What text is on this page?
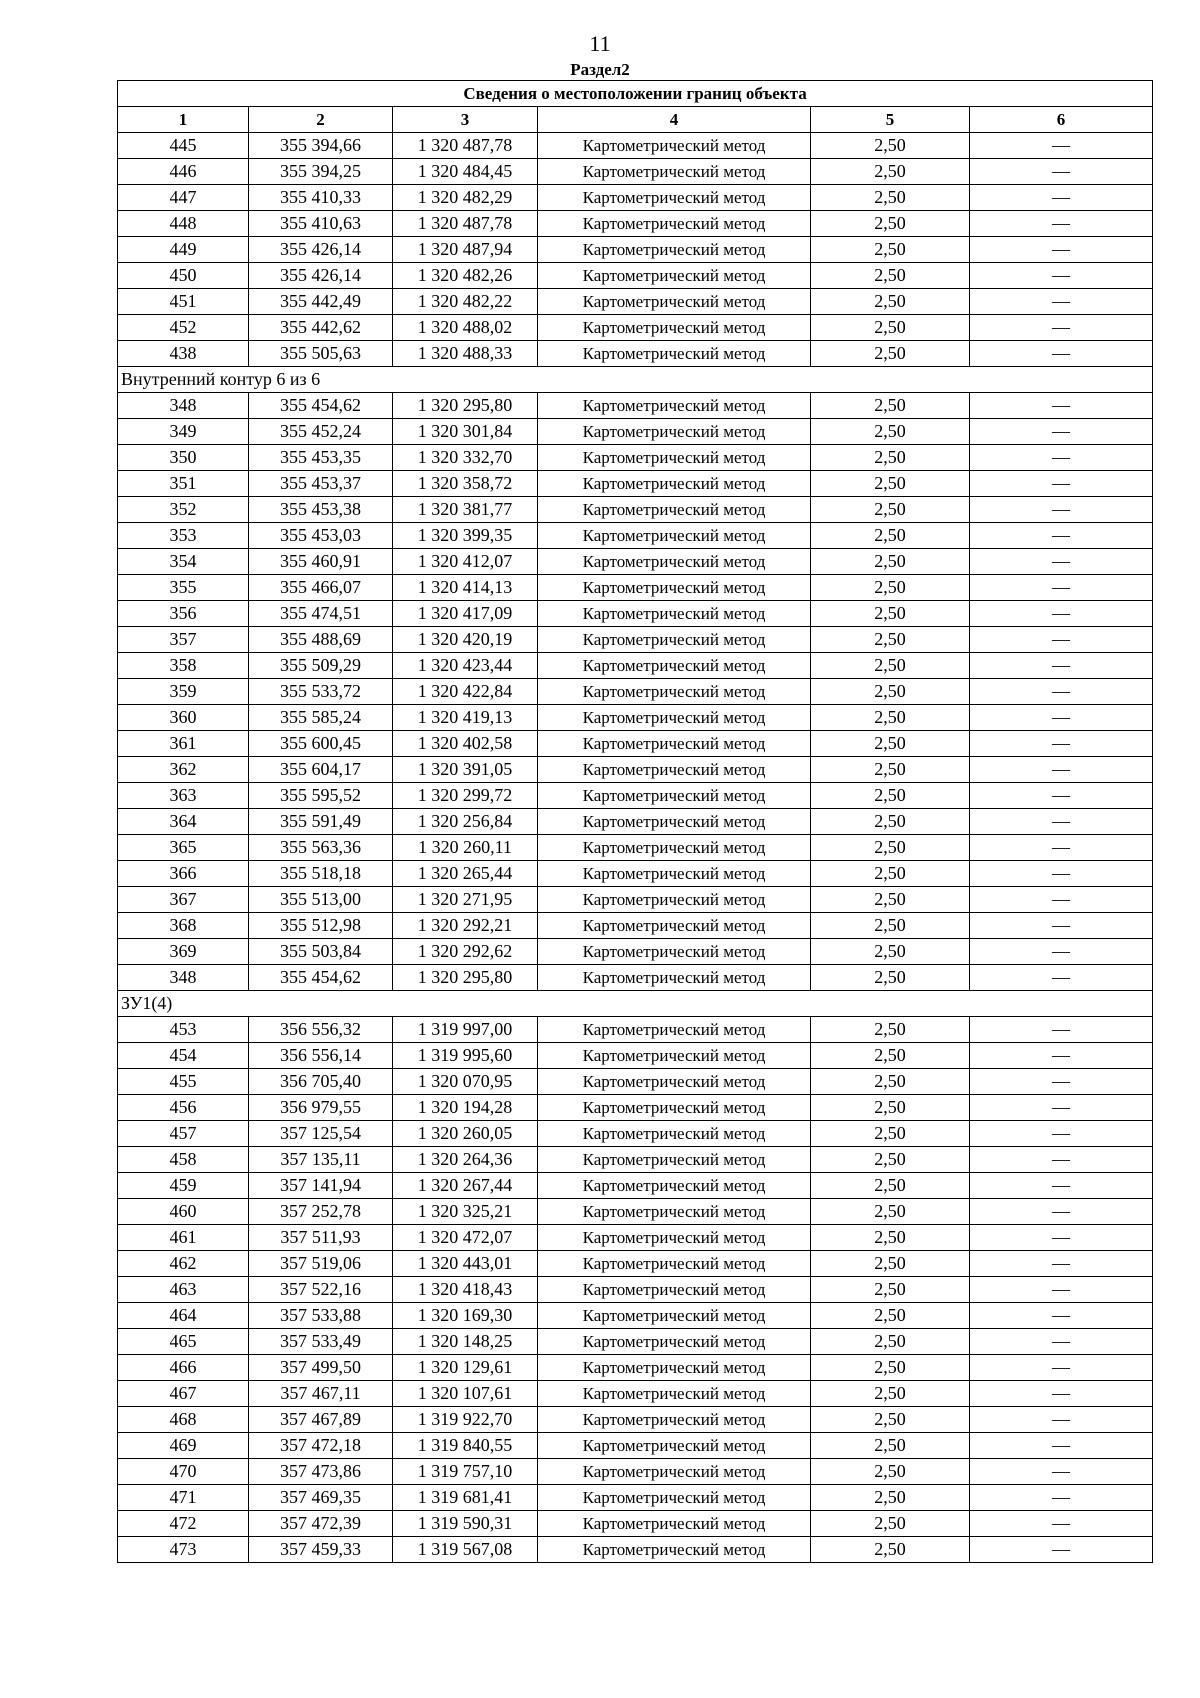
11
Раздел2
Сведения о местоположении границ объекта					
1	2	3	4	5	6
445	355 394,66	1 320 487,78	Картометрический метод	2,50	—
446	355 394,25	1 320 484,45	Картометрический метод	2,50	—
447	355 410,33	1 320 482,29	Картометрический метод	2,50	—
448	355 410,63	1 320 487,78	Картометрический метод	2,50	—
449	355 426,14	1 320 487,94	Картометрический метод	2,50	—
450	355 426,14	1 320 482,26	Картометрический метод	2,50	—
451	355 442,49	1 320 482,22	Картометрический метод	2,50	—
452	355 442,62	1 320 488,02	Картометрический метод	2,50	—
438	355 505,63	1 320 488,33	Картометрический метод	2,50	—
Внутренний контур 6 из 6					
348	355 454,62	1 320 295,80	Картометрический метод	2,50	—
349	355 452,24	1 320 301,84	Картометрический метод	2,50	—
350	355 453,35	1 320 332,70	Картометрический метод	2,50	—
351	355 453,37	1 320 358,72	Картометрический метод	2,50	—
352	355 453,38	1 320 381,77	Картометрический метод	2,50	—
353	355 453,03	1 320 399,35	Картометрический метод	2,50	—
354	355 460,91	1 320 412,07	Картометрический метод	2,50	—
355	355 466,07	1 320 414,13	Картометрический метод	2,50	—
356	355 474,51	1 320 417,09	Картометрический метод	2,50	—
357	355 488,69	1 320 420,19	Картометрический метод	2,50	—
358	355 509,29	1 320 423,44	Картометрический метод	2,50	—
359	355 533,72	1 320 422,84	Картометрический метод	2,50	—
360	355 585,24	1 320 419,13	Картометрический метод	2,50	—
361	355 600,45	1 320 402,58	Картометрический метод	2,50	—
362	355 604,17	1 320 391,05	Картометрический метод	2,50	—
363	355 595,52	1 320 299,72	Картометрический метод	2,50	—
364	355 591,49	1 320 256,84	Картометрический метод	2,50	—
365	355 563,36	1 320 260,11	Картометрический метод	2,50	—
366	355 518,18	1 320 265,44	Картометрический метод	2,50	—
367	355 513,00	1 320 271,95	Картометрический метод	2,50	—
368	355 512,98	1 320 292,21	Картометрический метод	2,50	—
369	355 503,84	1 320 292,62	Картометрический метод	2,50	—
348	355 454,62	1 320 295,80	Картометрический метод	2,50	—
ЗУ1(4)					
453	356 556,32	1 319 997,00	Картометрический метод	2,50	—
454	356 556,14	1 319 995,60	Картометрический метод	2,50	—
455	356 705,40	1 320 070,95	Картометрический метод	2,50	—
456	356 979,55	1 320 194,28	Картометрический метод	2,50	—
457	357 125,54	1 320 260,05	Картометрический метод	2,50	—
458	357 135,11	1 320 264,36	Картометрический метод	2,50	—
459	357 141,94	1 320 267,44	Картометрический метод	2,50	—
460	357 252,78	1 320 325,21	Картометрический метод	2,50	—
461	357 511,93	1 320 472,07	Картометрический метод	2,50	—
462	357 519,06	1 320 443,01	Картометрический метод	2,50	—
463	357 522,16	1 320 418,43	Картометрический метод	2,50	—
464	357 533,88	1 320 169,30	Картометрический метод	2,50	—
465	357 533,49	1 320 148,25	Картометрический метод	2,50	—
466	357 499,50	1 320 129,61	Картометрический метод	2,50	—
467	357 467,11	1 320 107,61	Картометрический метод	2,50	—
468	357 467,89	1 319 922,70	Картометрический метод	2,50	—
469	357 472,18	1 319 840,55	Картометрический метод	2,50	—
470	357 473,86	1 319 757,10	Картометрический метод	2,50	—
471	357 469,35	1 319 681,41	Картометрический метод	2,50	—
472	357 472,39	1 319 590,31	Картометрический метод	2,50	—
473	357 459,33	1 319 567,08	Картометрический метод	2,50	—
